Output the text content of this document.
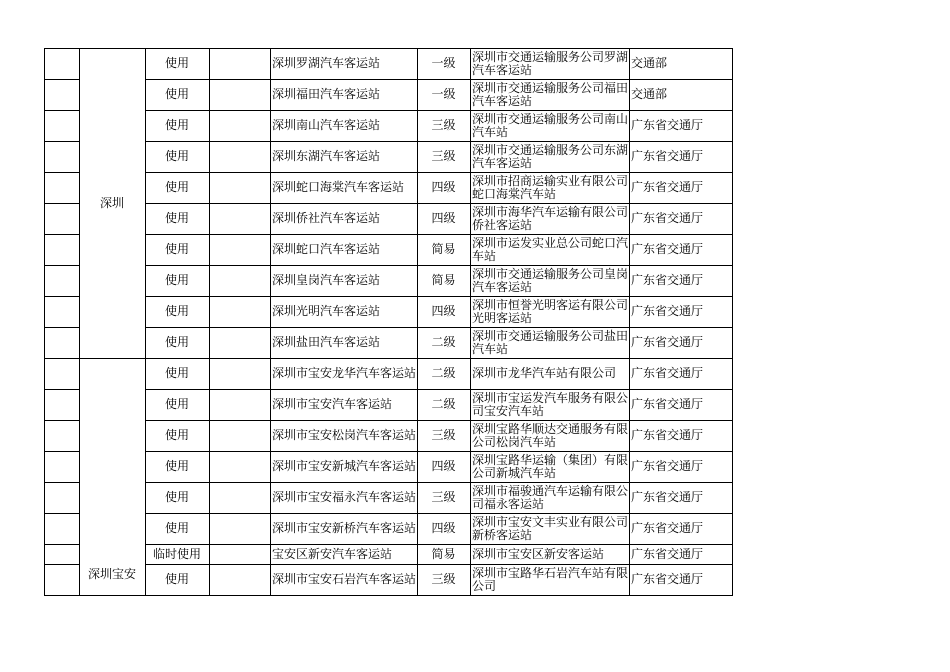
使用	深圳罗湖汽车客运站	一级	深圳市交通运输服务公司罗湖汽车客运站	交通部
使用	深圳福田汽车客运站	一级	深圳市交通运输服务公司福田汽车客运站	交通部
使用	深圳南山汽车客运站	三级	深圳市交通运输服务公司南山汽车站	广东省交通厅
使用	深圳东湖汽车客运站	三级	深圳市交通运输服务公司东湖汽车客运站	广东省交通厅
使用	深圳蛇口海棠汽车客运站	四级	深圳市招商运输实业有限公司蛇口海棠汽车站	广东省交通厅
使用	深圳侨社汽车客运站	四级	深圳市海华汽车运输有限公司侨社客运站	广东省交通厅
使用	深圳蛇口汽车客运站	简易	深圳市运发实业总公司蛇口汽车站	广东省交通厅
使用	深圳皇岗汽车客运站	简易	深圳市交通运输服务公司皇岗汽车客运站	广东省交通厅
使用	深圳光明汽车客运站	四级	深圳市恒誉光明客运有限公司光明客运站	广东省交通厅
使用	深圳盐田汽车客运站	二级	深圳市交通运输服务公司盐田汽车站	广东省交通厅
使用	深圳市宝安龙华汽车客运站	二级	深圳市龙华汽车站有限公司	广东省交通厅
使用	深圳市宝安汽车客运站	二级	深圳市宝运发汽车服务有限公司宝安汽车站	广东省交通厅
使用	深圳市宝安松岗汽车客运站	三级	深圳宝路华顺达交通服务有限公司松岗汽车站	广东省交通厅
使用	深圳市宝安新城汽车客运站	四级	深圳宝路华运输（集团）有限公司新城汽车站	广东省交通厅
使用	深圳市宝安福永汽车客运站	三级	深圳市福骏通汽车运输有限公司福永客运站	广东省交通厅
使用	深圳市宝安新桥汽车客运站	四级	深圳市宝安文丰实业有限公司新桥客运站	广东省交通厅
临时使用	宝安区新安汽车客运站	简易	深圳市宝安区新安客运站	广东省交通厅
使用	深圳市宝安石岩汽车客运站	三级	深圳市宝路华石岩汽车站有限公司	广东省交通厅
深圳
深圳宝安
